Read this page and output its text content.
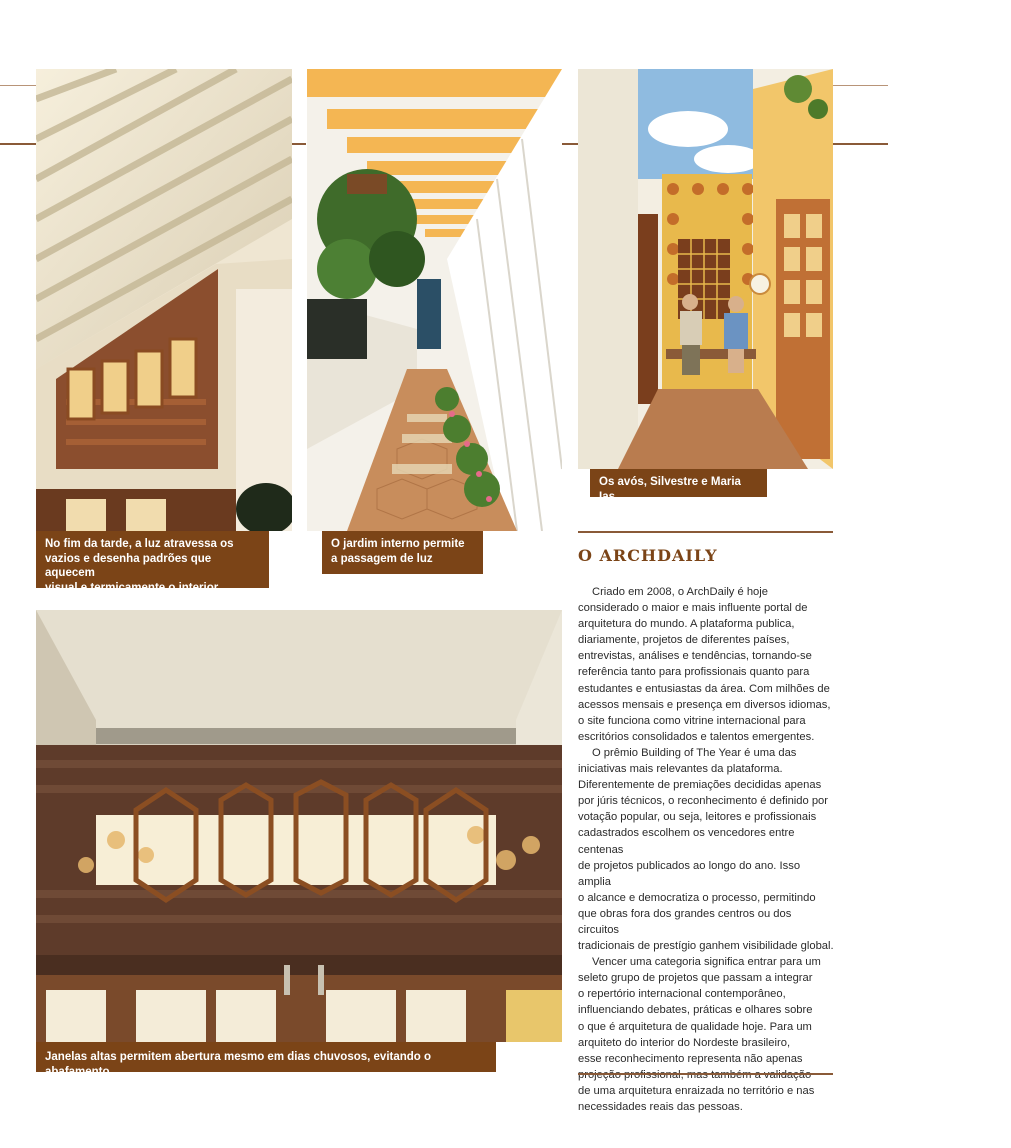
No fim da tarde, a luz atravessa os
vazios e desenha padrões que aquecem
visual e termicamente o interior
O jardim interno permite
a passagem de luz
Os avós, Silvestre e Maria Ias
Janelas altas permitem abertura mesmo em dias chuvosos, evitando o abafamento
O ARCHDAILY

Criado em 2008, o ArchDaily é hoje
considerado o maior e mais influente portal de
arquitetura do mundo. A plataforma publica,
diariamente, projetos de diferentes países,
entrevistas, análises e tendências, tornando-se
referência tanto para profissionais quanto para
estudantes e entusiastas da área. Com milhões de
acessos mensais e presença em diversos idiomas,
o site funciona como vitrine internacional para
escritórios consolidados e talentos emergentes.

O prêmio Building of The Year é uma das
iniciativas mais relevantes da plataforma.
Diferentemente de premiações decididas apenas
por júris técnicos, o reconhecimento é definido por
votação popular, ou seja, leitores e profissionais
cadastrados escolhem os vencedores entre centenas
de projetos publicados ao longo do ano. Isso amplia
o alcance e democratiza o processo, permitindo
que obras fora dos grandes centros ou dos circuitos
tradicionais de prestígio ganhem visibilidade global.

Vencer uma categoria significa entrar para um
seleto grupo de projetos que passam a integrar
o repertório internacional contemporâneo,
influenciando debates, práticas e olhares sobre
o que é arquitetura de qualidade hoje. Para um
arquiteto do interior do Nordeste brasileiro,
esse reconhecimento representa não apenas
de uma arquitetura enraizada no território e nas
necessidades reais das pessoas.
